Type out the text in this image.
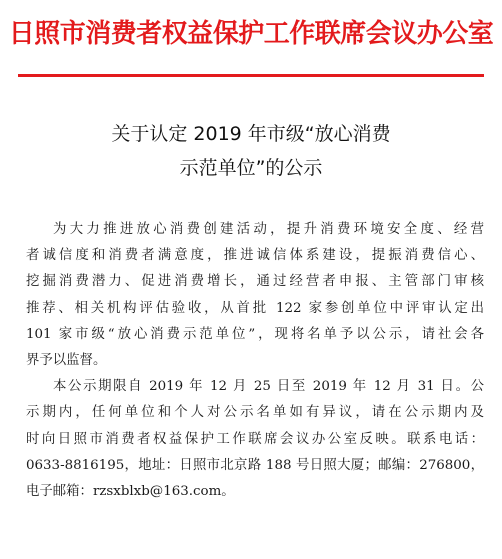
日照市消费者权益保护工作联席会议办公室
关于认定 2019 年市级“放心消费
示范单位”的公示
为大力推进放心消费创建活动，提升消费环境安全度、经营
者诚信度和消费者满意度，推进诚信体系建设，提振消费信心、
挖掘消费潜力、促进消费增长，通过经营者申报、主管部门审核
推荐、相关机构评估验收，从首批 122 家参创单位中评审认定出
101 家市级“放心消费示范单位”，现将名单予以公示，请社会各
界予以监督。
本公示期限自 2019 年 12 月 25 日至 2019 年 12 月 31 日。公
示期内，任何单位和个人对公示名单如有异议，请在公示期内及
时向日照市消费者权益保护工作联席会议办公室反映。联系电话：
0633-8816195，地址：日照市北京路 188 号日照大厦；邮编：276800，
电子邮箱：rzsxblxb@163.com。
